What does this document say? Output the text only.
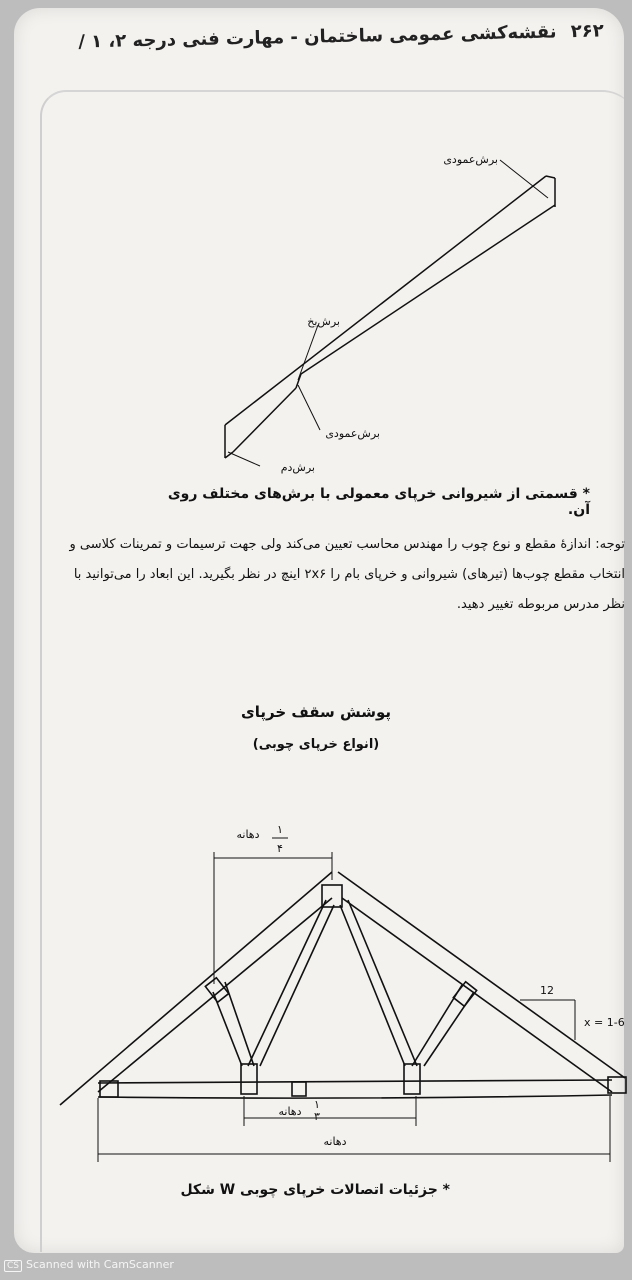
۲۶۲ نقشه‌کشی عمومی ساختمان - مهارت فنی درجه ۲، ۱ /
برش‌عمودی
برش‌بخ
برش‌عمودی
برش‌دم
دهانه ۱
۴
دهانه
۱
۳
دهانه
12
x = 1-6
* قسمتی از شیروانی خرپای معمولی با برش‌های مختلف روی آن.

توجه: اندازهٔ مقطع و نوع چوب را مهندس محاسب تعیین می‌کند ولی جهت ترسیمات و تمرینات کلاسی و

انتخاب مقطع چوب‌ها (تیرهای) شیروانی و خرپای بام را ۲x۶ اینچ در نظر بگیرید. این ابعاد را می‌توانید با

نظر مدرس مربوطه تغییر دهید.

پوشش سقف خرپای
(انواع خرپای چوبی)
* جزئیات اتصالات خرپای چوبی W شکل
CS Scanned with CamScanner
